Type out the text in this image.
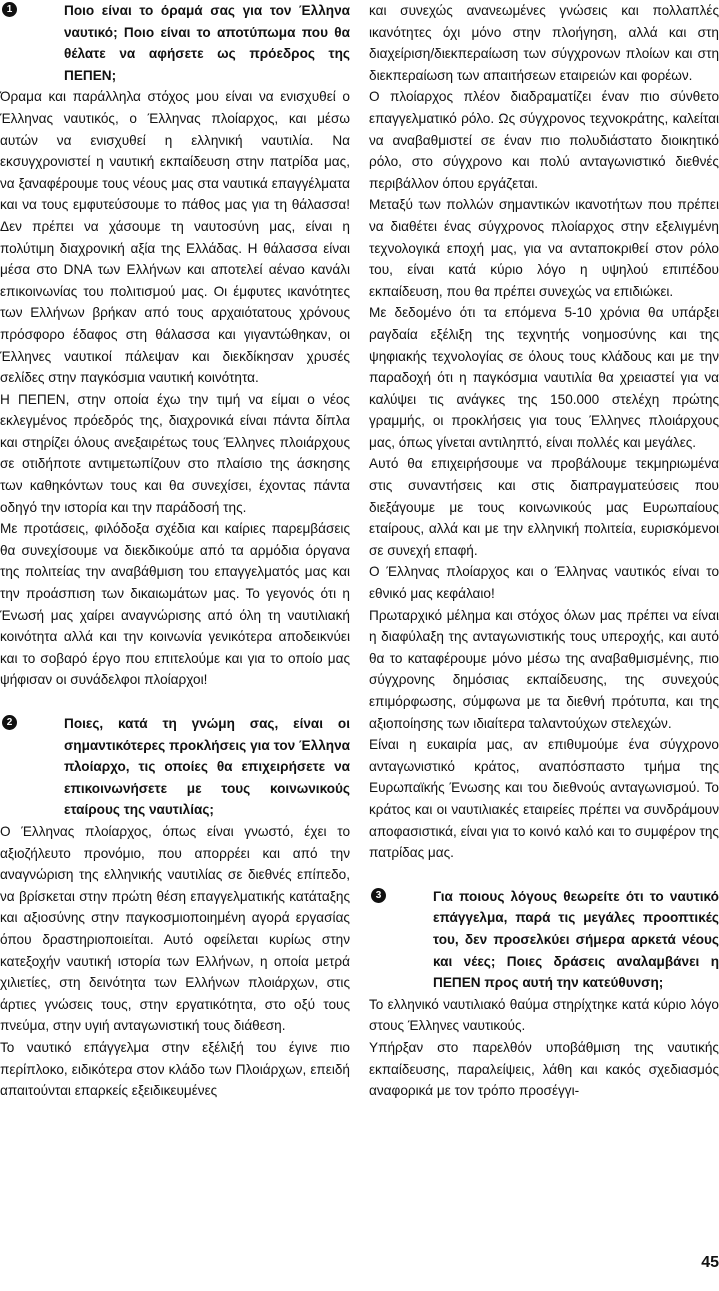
1	Ποιο είναι το όραμά σας για τον Έλληνα ναυτικό; Ποιο είναι το αποτύπωμα που θα θέλατε να αφήσετε ως πρόεδρος της ΠΕΠΕΝ;

Όραμα και παράλληλα στόχος μου είναι να ενισχυθεί ο Έλληνας ναυτικός, ο Έλληνας πλοίαρχος, και μέσω αυτών να ενισχυθεί η ελληνική ναυτιλία. Να εκσυγχρονιστεί η ναυτική εκπαίδευση στην πατρίδα μας, να ξαναφέρουμε τους νέους μας στα ναυτικά επαγγέλματα και να τους εμφυτεύσουμε το πάθος μας για τη θάλασσα! Δεν πρέπει να χάσουμε τη ναυτοσύνη μας, είναι η πολύτιμη διαχρονική αξία της Ελλάδας. Η θάλασσα είναι μέσα στο DNA των Ελλήνων και αποτελεί αέναο κανάλι επικοινωνίας του πολιτισμού μας. Οι έμφυτες ικανότητες των Ελλήνων βρήκαν από τους αρχαιότατους χρόνους πρόσφορο έδαφος στη θάλασσα και γιγαντώθηκαν, οι Έλληνες ναυτικοί πάλεψαν και διεκδίκησαν χρυσές σελίδες στην παγκόσμια ναυτική κοινότητα.

Η ΠΕΠΕΝ, στην οποία έχω την τιμή να είμαι ο νέος εκλεγμένος πρόεδρός της, διαχρονικά είναι πάντα δίπλα και στηρίζει όλους ανεξαιρέτως τους Έλληνες πλοιάρχους σε οτιδήποτε αντιμετωπίζουν στο πλαίσιο της άσκησης των καθηκόντων τους και θα συνεχίσει, έχοντας πάντα οδηγό την ιστορία και την παράδοσή της.

Με προτάσεις, φιλόδοξα σχέδια και καίριες παρεμβάσεις θα συνεχίσουμε να διεκδικούμε από τα αρμόδια όργανα της πολιτείας την αναβάθμιση του επαγγελματός μας και την προάσπιση των δικαιωμάτων μας. Το γεγονός ότι η Ένωσή μας χαίρει αναγνώρισης από όλη τη ναυτιλιακή κοινότητα αλλά και την κοινωνία γενικότερα αποδεικνύει και το σοβαρό έργο που επιτελούμε και για το οποίο μας ψήφισαν οι συνάδελφοι πλοίαρχοι!

2	Ποιες, κατά τη γνώμη σας, είναι οι σημαντικότερες προκλήσεις για τον Έλληνα πλοίαρχο, τις οποίες θα επιχειρήσετε να επικοινωνήσετε με τους κοινωνικούς εταίρους της ναυτιλίας;

Ο Έλληνας πλοίαρχος, όπως είναι γνωστό, έχει το αξιοζήλευτο προνόμιο, που απορρέει και από την αναγνώριση της ελληνικής ναυτιλίας σε διεθνές επίπεδο, να βρίσκεται στην πρώτη θέση επαγγελματικής κατάταξης και αξιοσύνης στην παγκοσμιοποιημένη αγορά εργασίας όπου δραστηριοποιείται. Αυτό οφείλεται κυρίως στην κατεξοχήν ναυτική ιστορία των Ελλήνων, η οποία μετρά χιλιετίες, στη δεινότητα των Ελλήνων πλοιάρχων, στις άρτιες γνώσεις τους, στην εργατικότητα, στο οξύ τους πνεύμα, στην υγιή ανταγωνιστική τους διάθεση.

Το ναυτικό επάγγελμα στην εξέλιξή του έγινε πιο περίπλοκο, ειδικότερα στον κλάδο των Πλοιάρχων, επειδή απαιτούνται επαρκείς εξειδικευμένες

και συνεχώς ανανεωμένες γνώσεις και πολλαπλές ικανότητες όχι μόνο στην πλοήγηση, αλλά και στη διαχείριση/διεκπεραίωση των σύγχρονων πλοίων και στη διεκπεραίωση των απαιτήσεων εταιρειών και φορέων.

Ο πλοίαρχος πλέον διαδραματίζει έναν πιο σύνθετο επαγγελματικό ρόλο. Ως σύγχρονος τεχνοκράτης, καλείται να αναβαθμιστεί σε έναν πιο πολυδιάστατο διοικητικό ρόλο, στο σύγχρονο και πολύ ανταγωνιστικό διεθνές περιβάλλον όπου εργάζεται.

Μεταξύ των πολλών σημαντικών ικανοτήτων που πρέπει να διαθέτει ένας σύγχρονος πλοίαρχος στην εξελιγμένη τεχνολογικά εποχή μας, για να ανταποκριθεί στον ρόλο του, είναι κατά κύριο λόγο η υψηλού επιπέδου εκπαίδευση, που θα πρέπει συνεχώς να επιδιώκει.

Με δεδομένο ότι τα επόμενα 5-10 χρόνια θα υπάρξει ραγδαία εξέλιξη της τεχνητής νοημοσύνης και της ψηφιακής τεχνολογίας σε όλους τους κλάδους και με την παραδοχή ότι η παγκόσμια ναυτιλία θα χρειαστεί για να καλύψει τις ανάγκες της 150.000 στελέχη πρώτης γραμμής, οι προκλήσεις για τους Έλληνες πλοιάρχους μας, όπως γίνεται αντιληπτό, είναι πολλές και μεγάλες.

Αυτό θα επιχειρήσουμε να προβάλουμε τεκμηριωμένα στις συναντήσεις και στις διαπραγματεύσεις που διεξάγουμε με τους κοινωνικούς μας Ευρωπαίους εταίρους, αλλά και με την ελληνική πολιτεία, ευρισκόμενοι σε συνεχή επαφή.

Ο Έλληνας πλοίαρχος και ο Έλληνας ναυτικός είναι το εθνικό μας κεφάλαιο!

Πρωταρχικό μέλημα και στόχος όλων μας πρέπει να είναι η διαφύλαξη της ανταγωνιστικής τους υπεροχής, και αυτό θα το καταφέρουμε μόνο μέσω της αναβαθμισμένης, πιο σύγχρονης δημόσιας εκπαίδευσης, της συνεχούς επιμόρφωσης, σύμφωνα με τα διεθνή πρότυπα, και της αξιοποίησης των ιδιαίτερα ταλαντούχων στελεχών.

Είναι η ευκαιρία μας, αν επιθυμούμε ένα σύγχρονο ανταγωνιστικό κράτος, αναπόσπαστο τμήμα της Ευρωπαϊκής Ένωσης και του διεθνούς ανταγωνισμού. Το κράτος και οι ναυτιλιακές εταιρείες πρέπει να συνδράμουν αποφασιστικά, είναι για το κοινό καλό και το συμφέρον της πατρίδας μας.

3	Για ποιους λόγους θεωρείτε ότι το ναυτικό επάγγελμα, παρά τις μεγάλες προοπτικές του, δεν προσελκύει σήμερα αρκετά νέους και νέες; Ποιες δράσεις αναλαμβάνει η ΠΕΠΕΝ προς αυτή την κατεύθυνση;

Το ελληνικό ναυτιλιακό θαύμα στηρίχτηκε κατά κύριο λόγο στους Έλληνες ναυτικούς.

Υπήρξαν στο παρελθόν υποβάθμιση της ναυτικής εκπαίδευσης, παραλείψεις, λάθη και κακός σχεδιασμός αναφορικά με τον τρόπο προσέγγι-

45
